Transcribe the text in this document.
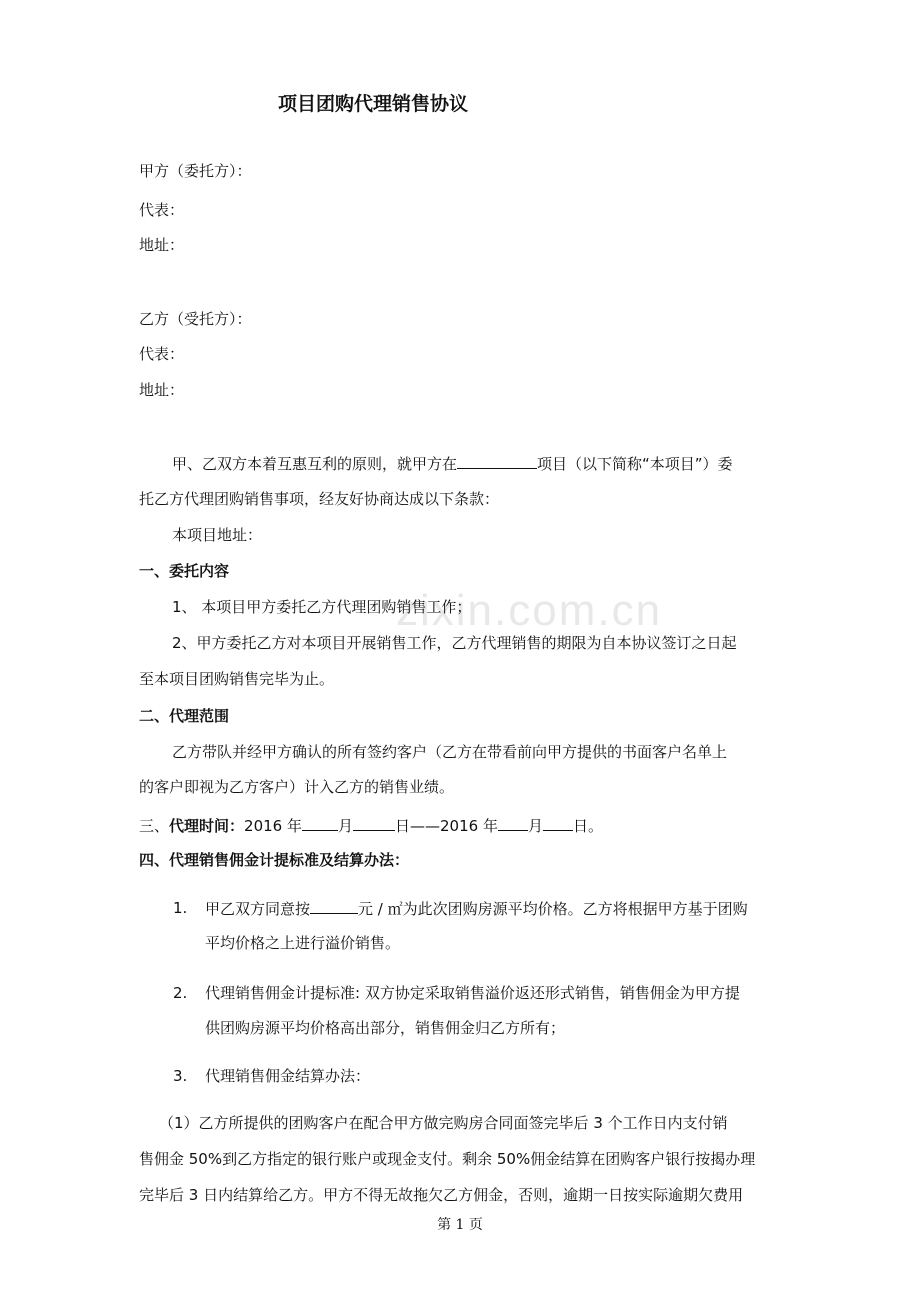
zixin.com.cn
项目团购代理销售协议
甲方（委托方）：
代表：
地址：
乙方（受托方）：
代表：
地址：
甲、乙双方本着互惠互利的原则，就甲方在	项目（以下简称“本项目”）委
托乙方代理团购销售事项，经友好协商达成以下条款：
本项目地址：
一、委托内容
1、 本项目甲方委托乙方代理团购销售工作；
2、甲方委托乙方对本项目开展销售工作，乙方代理销售的期限为自本协议签订之日起
至本项目团购销售完毕为止。
二、代理范围
乙方带队并经甲方确认的所有签约客户（乙方在带看前向甲方提供的书面客户名单上
的客户即视为乙方客户）计入乙方的销售业绩。
三、代理时间：2016 年 月	日——2016 年 月 日。
四、代理销售佣金计提标准及结算办法：
1. 甲乙双方同意按	元 / ㎡为此次团购房源平均价格。乙方将根据甲方基于团购
平均价格之上进行溢价销售。
2. 代理销售佣金计提标准: 双方协定采取销售溢价返还形式销售，销售佣金为甲方提
供团购房源平均价格高出部分，销售佣金归乙方所有；
3. 代理销售佣金结算办法：
（1）乙方所提供的团购客户在配合甲方做完购房合同面签完毕后 3 个工作日内支付销
售佣金 50%到乙方指定的银行账户或现金支付。剩余 50%佣金结算在团购客户银行按揭办理
完毕后 3 日内结算给乙方。甲方不得无故拖欠乙方佣金，否则，逾期一日按实际逾期欠费用
第 1 页
